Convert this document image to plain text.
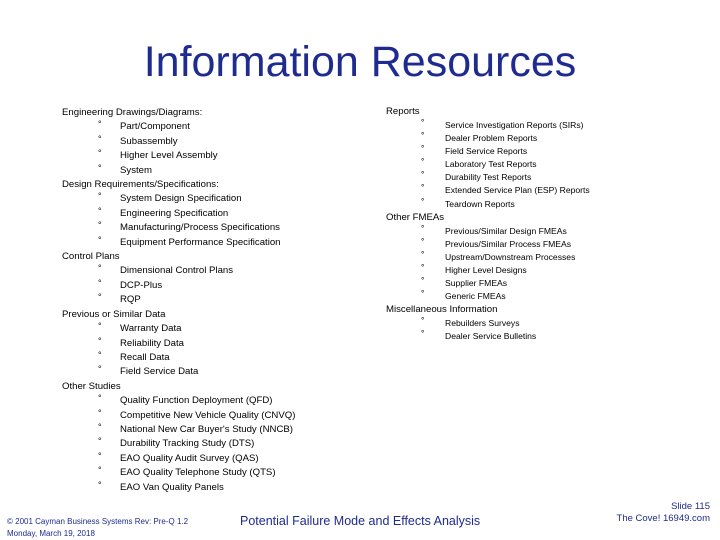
Information Resources
Engineering Drawings/Diagrams:
° Part/Component
° Subassembly
° Higher Level Assembly
° System
Design Requirements/Specifications:
° System Design Specification
° Engineering Specification
° Manufacturing/Process Specifications
° Equipment Performance Specification
Control Plans
° Dimensional Control Plans
° DCP-Plus
° RQP
Previous or Similar Data
° Warranty Data
° Reliability Data
° Recall Data
° Field Service Data
Other Studies
° Quality Function Deployment (QFD)
° Competitive New Vehicle Quality (CNVQ)
° National New Car Buyer's Study (NNCB)
° Durability Tracking Study (DTS)
° EAO Quality Audit Survey (QAS)
° EAO Quality Telephone Study (QTS)
° EAO Van Quality Panels
Reports
° Service Investigation Reports (SIRs)
° Dealer Problem Reports
° Field Service Reports
° Laboratory Test Reports
° Durability Test Reports
° Extended Service Plan (ESP) Reports
° Teardown Reports
Other FMEAs
° Previous/Similar Design FMEAs
° Previous/Similar Process FMEAs
° Upstream/Downstream Processes
° Higher Level Designs
° Supplier FMEAs
° Generic FMEAs
Miscellaneous Information
° Rebuilders Surveys
° Dealer Service Bulletins
© 2001 Cayman Business Systems Rev: Pre-Q 1.2
Monday, March 19, 2018
Potential Failure Mode and Effects Analysis
Slide 115
The Cove! 16949.com
